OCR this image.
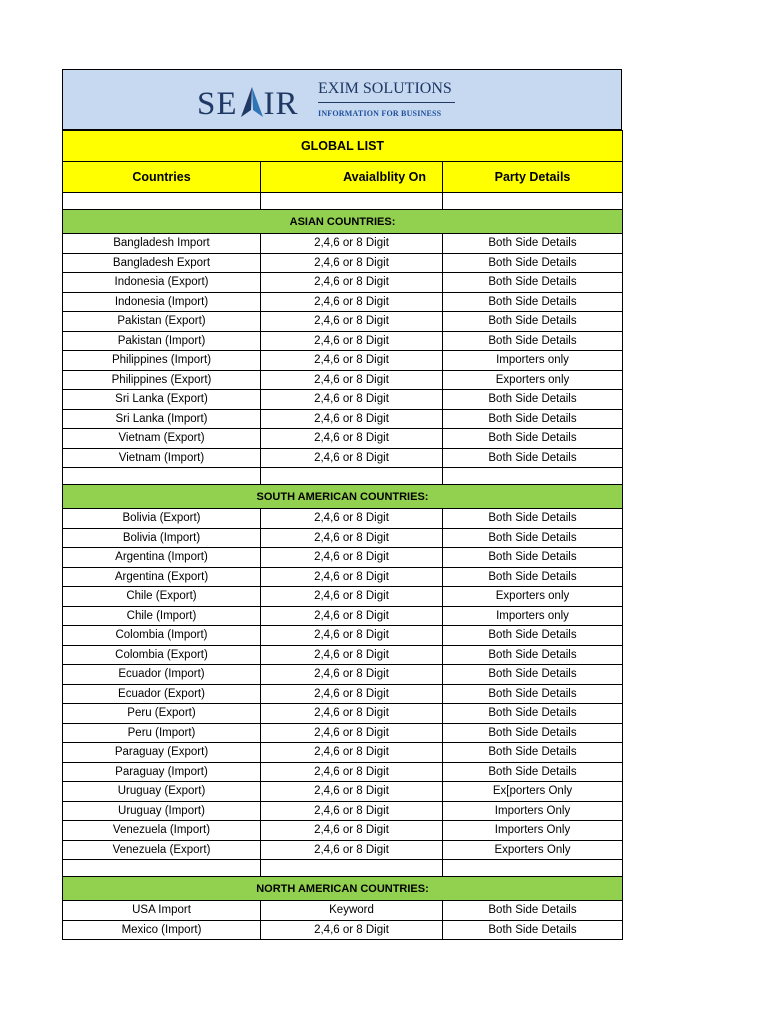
SE IR EXIM SOLUTIONS
INFORMATION FOR BUSINESS
GLOBAL LIST		
Countries	Avaialblity On	Party Details

ASIAN COUNTRIES:		
Bangladesh Import	2,4,6 or 8 Digit	Both Side Details
Bangladesh Export	2,4,6 or 8 Digit	Both Side Details
Indonesia (Export)	2,4,6 or 8 Digit	Both Side Details
Indonesia (Import)	2,4,6 or 8 Digit	Both Side Details
Pakistan (Export)	2,4,6 or 8 Digit	Both Side Details
Pakistan (Import)	2,4,6 or 8 Digit	Both Side Details
Philippines (Import)	2,4,6 or 8 Digit	Importers only
Philippines (Export)	2,4,6 or 8 Digit	Exporters only
Sri Lanka (Export)	2,4,6 or 8 Digit	Both Side Details
Sri Lanka (Import)	2,4,6 or 8 Digit	Both Side Details
Vietnam (Export)	2,4,6 or 8 Digit	Both Side Details
Vietnam (Import)	2,4,6 or 8 Digit	Both Side Details

SOUTH AMERICAN COUNTRIES:		
Bolivia (Export)	2,4,6 or 8 Digit	Both Side Details
Bolivia (Import)	2,4,6 or 8 Digit	Both Side Details
Argentina (Import)	2,4,6 or 8 Digit	Both Side Details
Argentina (Export)	2,4,6 or 8 Digit	Both Side Details
Chile (Export)	2,4,6 or 8 Digit	Exporters only
Chile (Import)	2,4,6 or 8 Digit	Importers only
Colombia (Import)	2,4,6 or 8 Digit	Both Side Details
Colombia (Export)	2,4,6 or 8 Digit	Both Side Details
Ecuador (Import)	2,4,6 or 8 Digit	Both Side Details
Ecuador (Export)	2,4,6 or 8 Digit	Both Side Details
Peru (Export)	2,4,6 or 8 Digit	Both Side Details
Peru (Import)	2,4,6 or 8 Digit	Both Side Details
Paraguay (Export)	2,4,6 or 8 Digit	Both Side Details
Paraguay (Import)	2,4,6 or 8 Digit	Both Side Details
Uruguay (Export)	2,4,6 or 8 Digit	Ex[porters Only
Uruguay (Import)	2,4,6 or 8 Digit	Importers Only
Venezuela (Import)	2,4,6 or 8 Digit	Importers Only
Venezuela (Export)	2,4,6 or 8 Digit	Exporters Only

NORTH AMERICAN COUNTRIES:		
USA Import	Keyword	Both Side Details
Mexico (Import)	2,4,6 or 8 Digit	Both Side Details
